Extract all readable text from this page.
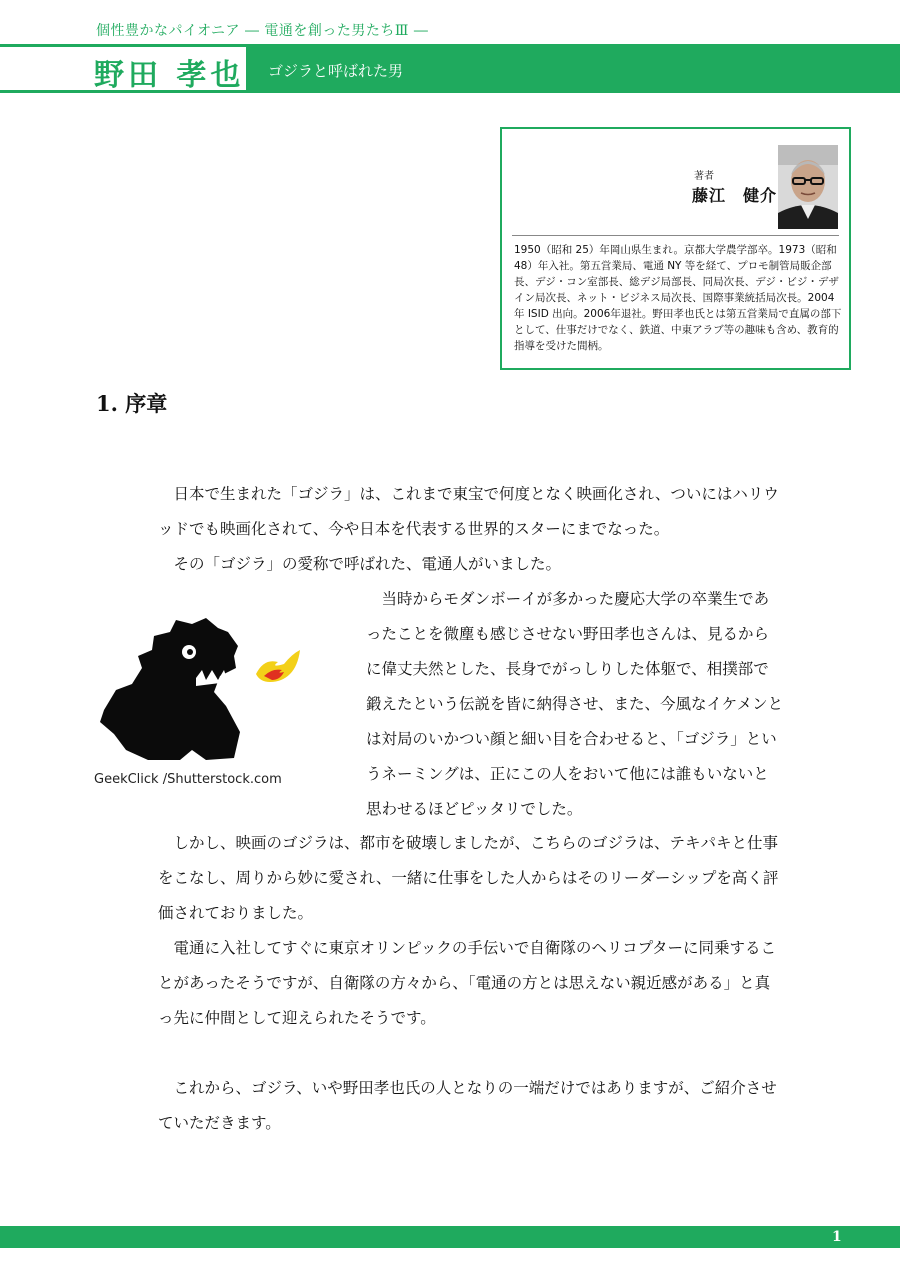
個性豊かなパイオニア ― 電通を創った男たちⅢ ―
野田 孝也 ゴジラと呼ばれた男
著者
藤江　健介
1950（昭和 25）年岡山県生まれ。京都大学農学部卒。1973（昭和48）年入社。第五営業局、電通 NY 等を経て、プロモ制管局販企部長、デジ・コン室部長、総デジ局部長、同局次長、デジ・ビジ・デザイン局次長、ネット・ビジネス局次長、国際事業統括局次長。2004年 ISID 出向。2006年退社。野田孝也氏とは第五営業局で直属の部下として、仕事だけでなく、鉄道、中東アラブ等の趣味も含め、教育的指導を受けた間柄。
1. 序章

日本で生まれた「ゴジラ」は、これまで東宝で何度となく映画化され、ついにはハリウッドでも映画化されて、今や日本を代表する世界的スターにまでなった。

その「ゴジラ」の愛称で呼ばれた、電通人がいました。

当時からモダンボーイが多かった慶応大学の卒業生であったことを微塵も感じさせない野田孝也さんは、見るからに偉丈夫然とした、長身でがっしりした体躯で、相撲部で鍛えたという伝説を皆に納得させ、また、今風なイケメンとは対局のいかつい顔と細い目を合わせると、「ゴジラ」というネーミングは、正にこの人をおいて他には誰もいないと思わせるほどピッタリでした。

GeekClick /Shutterstock.com

しかし、映画のゴジラは、都市を破壊しましたが、こちらのゴジラは、テキパキと仕事をこなし、周りから妙に愛され、一緒に仕事をした人からはそのリーダーシップを高く評価されておりました。

電通に入社してすぐに東京オリンピックの手伝いで自衛隊のヘリコプターに同乗することがあったそうですが、自衛隊の方々から、「電通の方とは思えない親近感がある」と真っ先に仲間として迎えられたそうです。

これから、ゴジラ、いや野田孝也氏の人となりの一端だけではありますが、ご紹介させていただきます。

1
